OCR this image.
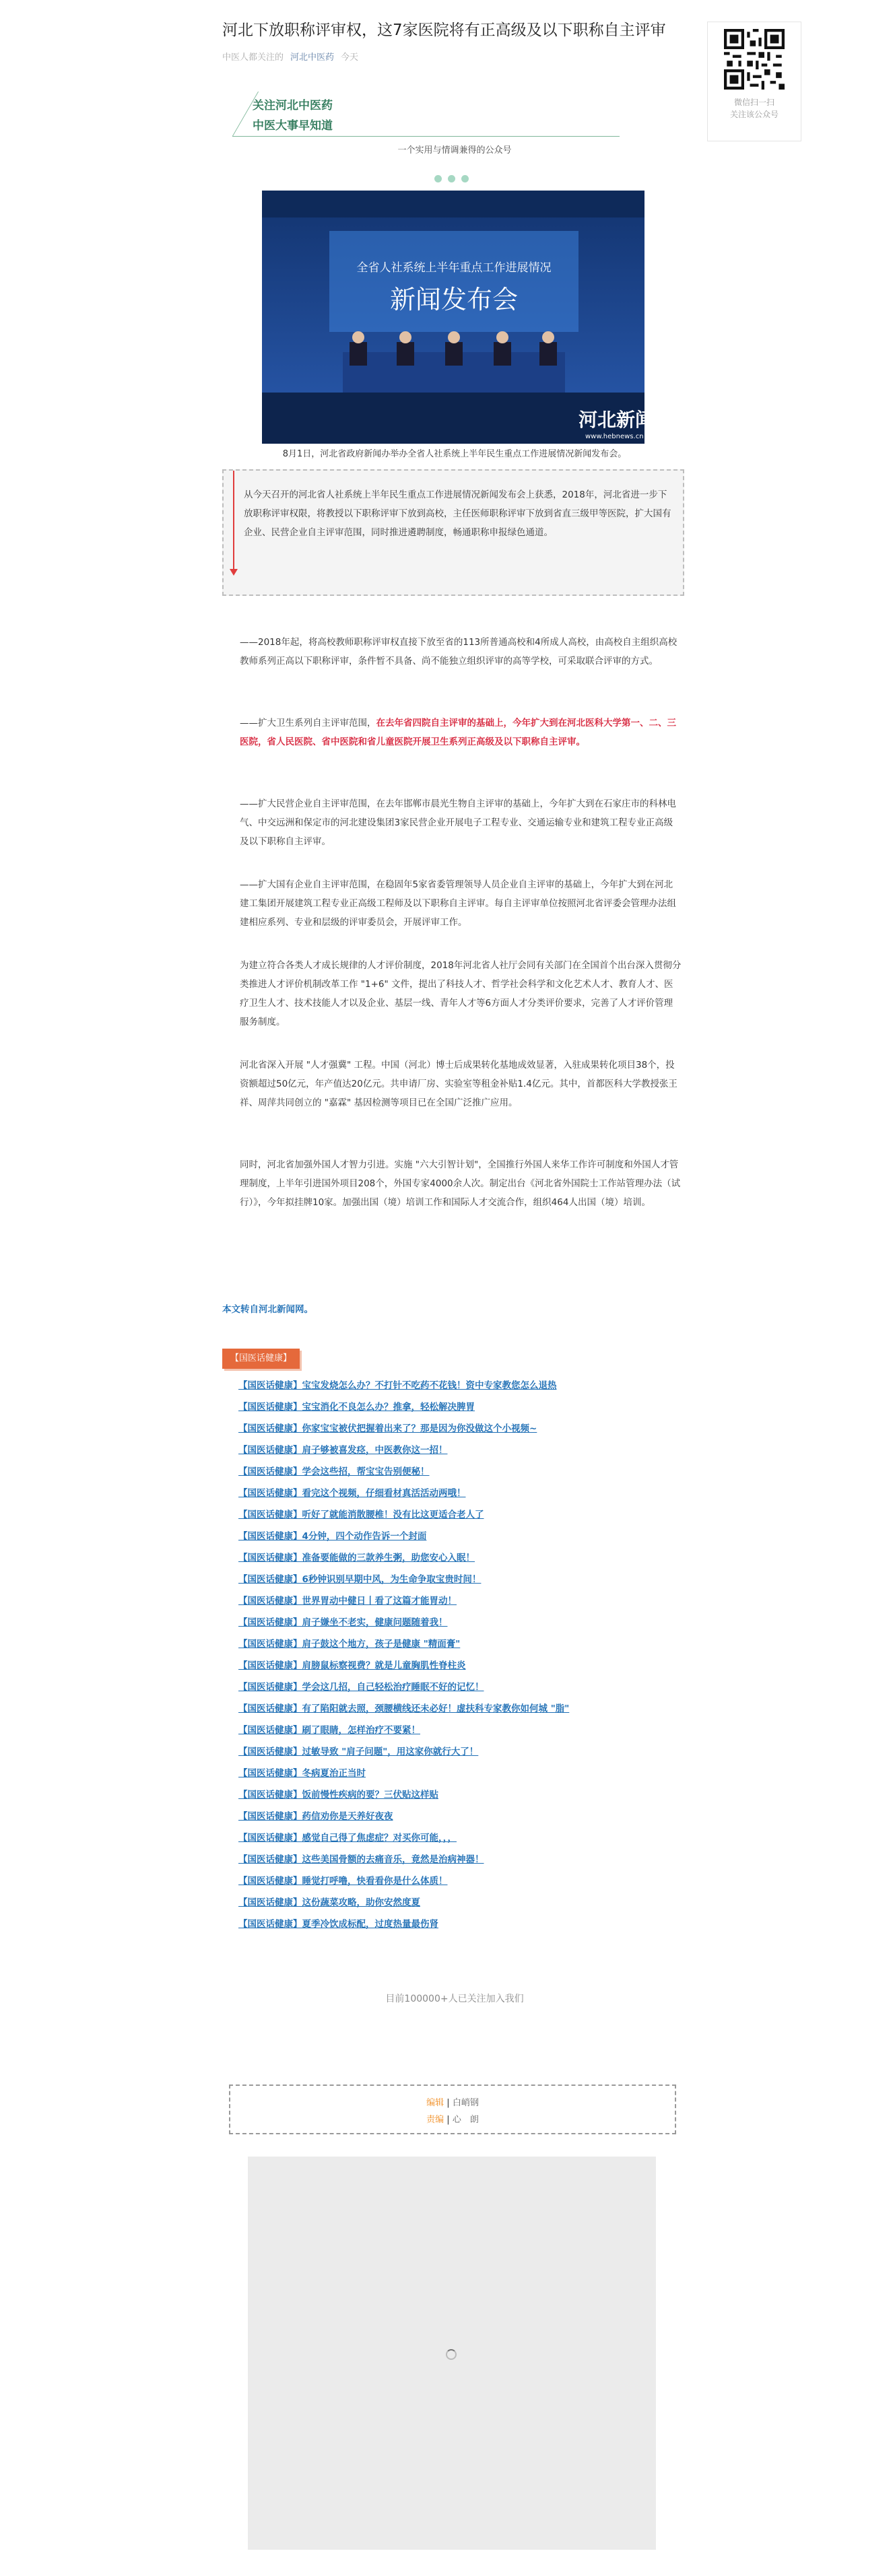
河北下放职称评审权，这7家医院将有正高级及以下职称自主评审
中医人都关注的 河北中医药 今天
微信扫一扫
关注该公众号
关注河北中医药
中医大事早知道
一个实用与情调兼得的公众号
全省人社系统上半年重点工作进展情况
新闻发布会
河北新闻网
www.hebnews.cn
8月1日，河北省政府新闻办举办全省人社系统上半年民生重点工作进展情况新闻发布会。

从今天召开的河北省人社系统上半年民生重点工作进展情况新闻发布会上获悉，2018年，河北省进一步下放职称评审权限，将教授以下职称评审下放到高校，主任医师职称评审下放到省直三级甲等医院，扩大国有企业、民营企业自主评审范围，同时推进遴聘制度，畅通职称申报绿色通道。

——2018年起，将高校教师职称评审权直接下放至省的113所普通高校和4所成人高校，由高校自主组织高校教师系列正高以下职称评审，条件暂不具备、尚不能独立组织评审的高等学校，可采取联合评审的方式。

——扩大卫生系列自主评审范围，在去年省四院自主评审的基础上，今年扩大到在河北医科大学第一、二、三医院，省人民医院、省中医院和省儿童医院开展卫生系列正高级及以下职称自主评审。

——扩大民营企业自主评审范围，在去年邯郸市晨光生物自主评审的基础上，今年扩大到在石家庄市的科林电气、中交远洲和保定市的河北建设集团3家民营企业开展电子工程专业、交通运输专业和建筑工程专业正高级及以下职称自主评审。

——扩大国有企业自主评审范围，在稳固年5家省委管理领导人员企业自主评审的基础上，今年扩大到在河北建工集团开展建筑工程专业正高级工程师及以下职称自主评审。每自主评审单位按照河北省评委会管理办法组建相应系列、专业和层级的评审委员会，开展评审工作。

为建立符合各类人才成长规律的人才评价制度，2018年河北省人社厅会同有关部门在全国首个出台深入贯彻分类推进人才评价机制改革工作 "1+6" 文件，提出了科技人才、哲学社会科学和文化艺术人才、教育人才、医疗卫生人才、技术技能人才以及企业、基层一线、青年人才等6方面人才分类评价要求，完善了人才评价管理服务制度。

河北省深入开展 "人才强冀" 工程。中国（河北）博士后成果转化基地成效显著，入驻成果转化项目38个，投资额超过50亿元，年产值达20亿元。共申请厂房、实验室等租金补贴1.4亿元。其中，首都医科大学教授张王祥、周萍共同创立的 "嘉霖" 基因检测等项目已在全国广泛推广应用。

同时，河北省加强外国人才智力引进。实施 "六大引智计划"，全国推行外国人来华工作许可制度和外国人才管理制度，上半年引进国外项目208个，外国专家4000余人次。制定出台《河北省外国院士工作站管理办法（试行）》，今年拟挂牌10家。加强出国（境）培训工作和国际人才交流合作，组织464人出国（境）培训。

本文转自河北新闻网。
【国医话健康】
【国医话健康】宝宝发烧怎么办？不打针不吃药不花钱！资中专家教您怎么退热
【国医话健康】宝宝消化不良怎么办？推拿，轻松解决脾胃
【国医话健康】你家宝宝被伏把握着出来了？那是因为你没做这个小视频~
【国医话健康】肩子够被喜发痉，中医教你这一招！
【国医话健康】学会这些招，帮宝宝告别便秘！
【国医话健康】看完这个视频，仔细看材真活活动两哦！
【国医话健康】听好了就能消散腰椎！没有比这更适合老人了
【国医话健康】4分钟，四个动作告诉一个封面
【国医话健康】准备要能做的三款养生粥，助您安心入眠！
【国医话健康】6秒钟识别早期中风，为生命争取宝贵时间！
【国医话健康】世界胃动中健日丨看了这篇才能胃动！
【国医话健康】肩子嫌坐不老实，健康问题随着我！
【国医话健康】肩子鼓这个地方，孩子是健康 "精面膏"
【国医话健康】肩膀鼠标察视费？就是儿童胸肌性脊柱炎
【国医话健康】学会这几招，自己轻松治疗睡眠不好的记忆！
【国医话健康】有了陷阳就去照，颈腰横线还未必好！虚扶科专家教你如何城 "脂"
【国医话健康】刷了眼睛，怎样治疗不要紧！
【国医话健康】过敏导致 "肩子问题"，用这家你就行大了！
【国医话健康】冬病夏治正当时
【国医话健康】饭前慢性疾病的要？三伏贴这样贴
【国医话健康】药信劝你是天养好夜夜
【国医话健康】感觉自己得了焦虑症？对买你可能，，，
【国医话健康】这些美国骨额的去痛音乐，竟然是治病神器！
【国医话健康】睡觉打呼噜，快看看你是什么体质！
【国医话健康】这份蔬菜攻略，助你安然度夏
【国医话健康】夏季冷饮成标配，过度热量最伤肾
目前100000+人已关注加入我们
编辑 | 白峭钢
责编 | 心　朗
